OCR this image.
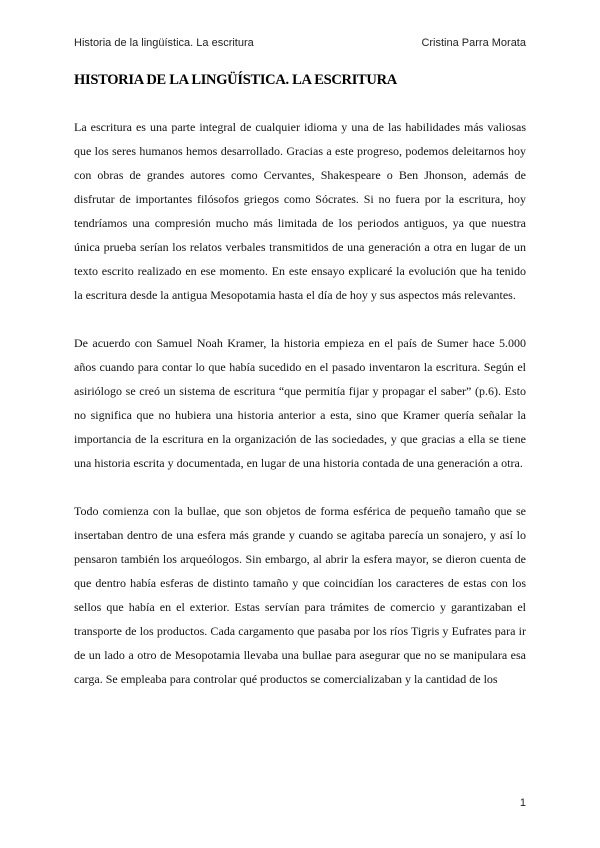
Historia de la lingüística. La escritura	Cristina Parra Morata
HISTORIA DE LA LINGÜÍSTICA. LA ESCRITURA

La escritura es una parte integral de cualquier idioma y una de las habilidades más valiosas que los seres humanos hemos desarrollado. Gracias a este progreso, podemos deleitarnos hoy con obras de grandes autores como Cervantes, Shakespeare o Ben Jhonson, además de disfrutar de importantes filósofos griegos como Sócrates. Si no fuera por la escritura, hoy tendríamos una compresión mucho más limitada de los periodos antiguos, ya que nuestra única prueba serían los relatos verbales transmitidos de una generación a otra en lugar de un texto escrito realizado en ese momento. En este ensayo explicaré la evolución que ha tenido la escritura desde la antigua Mesopotamia hasta el día de hoy y sus aspectos más relevantes.

De acuerdo con Samuel Noah Kramer, la historia empieza en el país de Sumer hace 5.000 años cuando para contar lo que había sucedido en el pasado inventaron la escritura. Según el asiriólogo se creó un sistema de escritura “que permitía fijar y propagar el saber” (p.6). Esto no significa que no hubiera una historia anterior a esta, sino que Kramer quería señalar la importancia de la escritura en la organización de las sociedades, y que gracias a ella se tiene una historia escrita y documentada, en lugar de una historia contada de una generación a otra.

Todo comienza con la bullae, que son objetos de forma esférica de pequeño tamaño que se insertaban dentro de una esfera más grande y cuando se agitaba parecía un sonajero, y así lo pensaron también los arqueólogos. Sin embargo, al abrir la esfera mayor, se dieron cuenta de que dentro había esferas de distinto tamaño y que coincidían los caracteres de estas con los sellos que había en el exterior. Estas servían para trámites de comercio y garantizaban el transporte de los productos. Cada cargamento que pasaba por los ríos Tigris y Eufrates para ir de un lado a otro de Mesopotamia llevaba una bullae para asegurar que no se manipulara esa carga. Se empleaba para controlar qué productos se comercializaban y la cantidad de los

1
